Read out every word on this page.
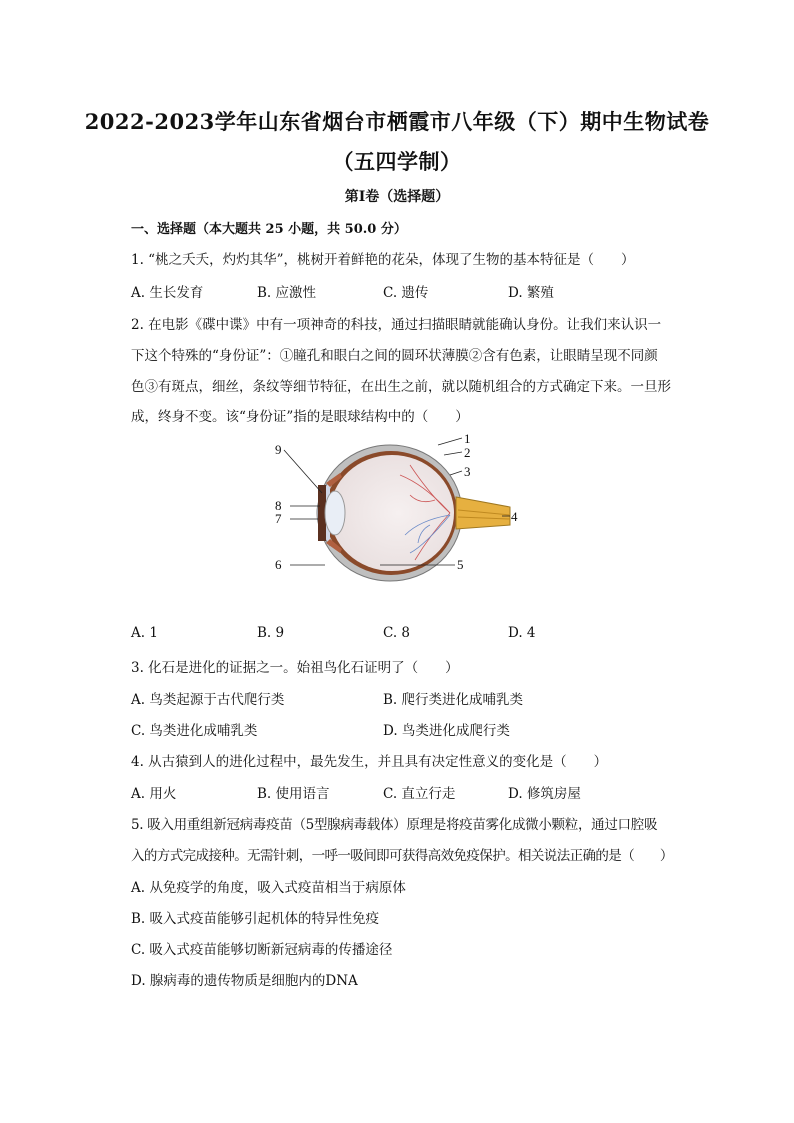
2022-2023学年山东省烟台市栖霞市八年级（下）期中生物试卷
（五四学制）
第I卷（选择题）
一、选择题（本大题共 25 小题，共 50.0 分）
1. “桃之夭夭，灼灼其华”，桃树开着鲜艳的花朵，体现了生物的基本特征是（　　）
A. 生长发育	B. 应激性	C. 遗传	D. 繁殖
2. 在电影《碟中谍》中有一项神奇的科技，通过扫描眼睛就能确认身份。让我们来认识一
下这个特殊的“身份证”：①瞳孔和眼白之间的圆环状薄膜②含有色素，让眼睛呈现不同颜
色③有斑点，细丝，条纹等细节特征，在出生之前，就以随机组合的方式确定下来。一旦形
成，终身不变。该“身份证”指的是眼球结构中的（　　）
1
2
3
4
5
6
7
8
9
A. 1	B. 9	C. 8	D. 4
3. 化石是进化的证据之一。始祖鸟化石证明了（　　）
A. 鸟类起源于古代爬行类	B. 爬行类进化成哺乳类
C. 鸟类进化成哺乳类	D. 鸟类进化成爬行类
4. 从古猿到人的进化过程中，最先发生，并且具有决定性意义的变化是（　　）
A. 用火	B. 使用语言	C. 直立行走	D. 修筑房屋
5. 吸入用重组新冠病毒疫苗（5型腺病毒载体）原理是将疫苗雾化成微小颗粒，通过口腔吸
入的方式完成接种。无需针刺，一呼一吸间即可获得高效免疫保护。相关说法正确的是（　　）
A. 从免疫学的角度，吸入式疫苗相当于病原体
B. 吸入式疫苗能够引起机体的特异性免疫
C. 吸入式疫苗能够切断新冠病毒的传播途径
D. 腺病毒的遗传物质是细胞内的DNA
